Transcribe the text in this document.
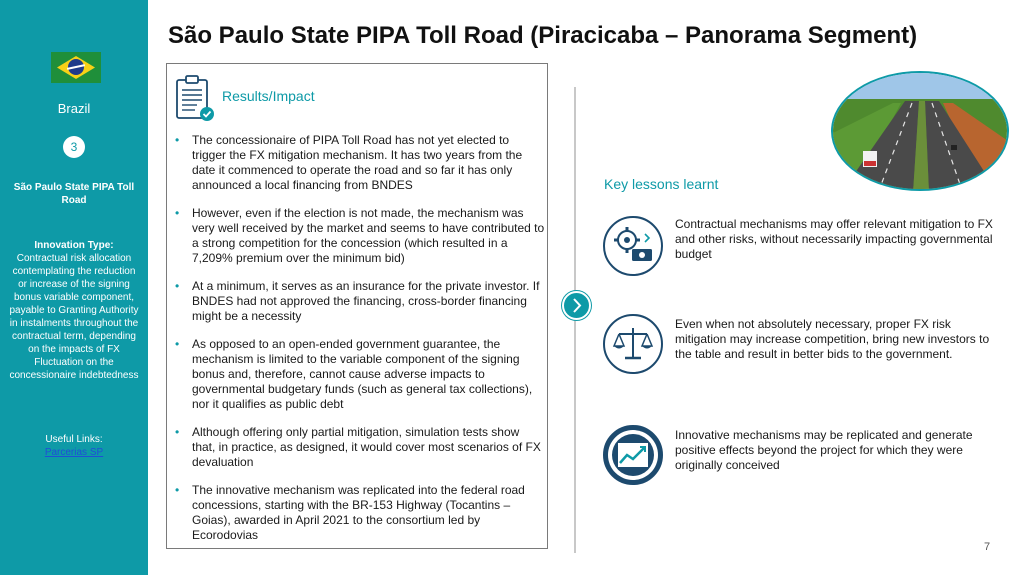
Brazil
3
São Paulo State PIPA Toll Road
Innovation Type:
Contractual risk allocation contemplating the reduction or increase of the signing bonus variable component, payable to Granting Authority in instalments throughout the contractual term, depending on the impacts of FX Fluctuation on the concessionaire indebtedness
Useful Links:
Parcerias SP
São Paulo State PIPA Toll Road (Piracicaba – Panorama Segment)
Results/Impact
• The concessionaire of PIPA Toll Road has not yet elected to trigger the FX mitigation mechanism. It has two years from the date it commenced to operate the road and so far it has only announced a local financing from BNDES
• However, even if the election is not made, the mechanism was very well received by the market and seems to have contributed to a strong competition for the concession (which resulted in a 7,209% premium over the minimum bid)
• At a minimum, it serves as an insurance for the private investor. If BNDES had not approved the financing, cross-border financing might be a necessity
• As opposed to an open-ended government guarantee, the mechanism is limited to the variable component of the signing bonus and, therefore, cannot cause adverse impacts to governmental budgetary funds (such as general tax collections), nor it qualifies as public debt
• Although offering only partial mitigation, simulation tests show that, in practice, as designed, it would cover most scenarios of FX devaluation
• The innovative mechanism was replicated into the federal road concessions, starting with the BR-153 Highway (Tocantins – Goias), awarded in April 2021 to the consortium led by Ecorodovias
Key lessons learnt
Contractual mechanisms may offer relevant mitigation to FX and other risks, without necessarily impacting governmental budget
Even when not absolutely necessary, proper FX risk mitigation may increase competition, bring new investors to the table and result in better bids to the government.
Innovative mechanisms may be replicated and generate positive effects beyond the project for which they were originally conceived
7
